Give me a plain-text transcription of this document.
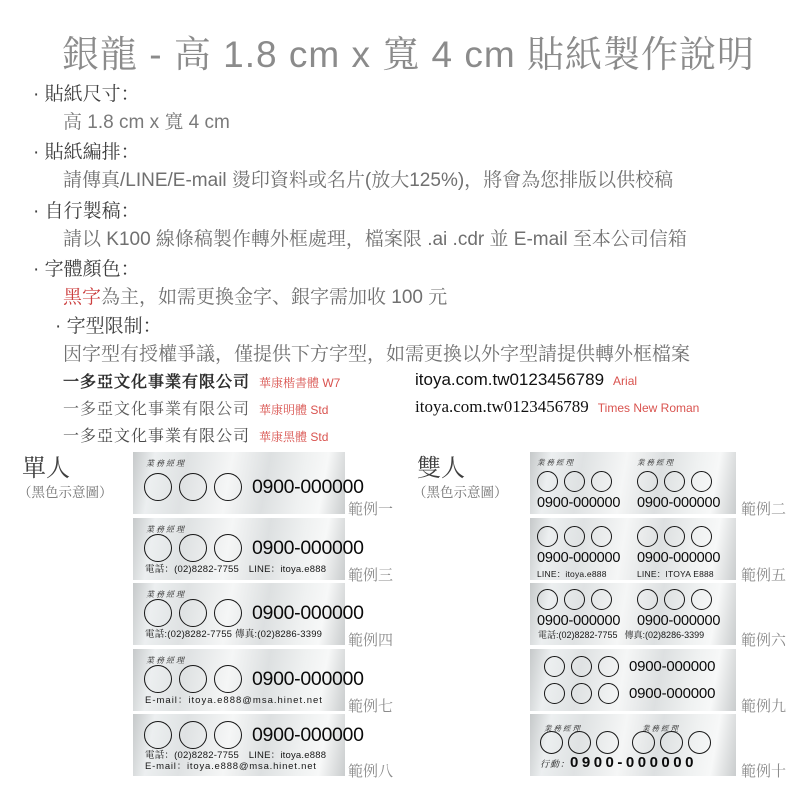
銀龍 - 高 1.8 cm x 寬 4 cm 貼紙製作說明
· 貼紙尺寸：
高 1.8 cm x 寬 4 cm
· 貼紙編排：
請傳真/LINE/E-mail 燙印資料或名片(放大125%)，將會為您排版以供校稿
· 自行製稿：
請以 K100 線條稿製作轉外框處理，檔案限 .ai .cdr 並 E-mail 至本公司信箱
· 字體顏色：
黑字為主，如需更換金字、銀字需加收 100 元
· 字型限制：
因字型有授權爭議，僅提供下方字型，如需更換以外字型請提供轉外框檔案
一多亞文化事業有限公司 華康楷書體 W7
一多亞文化事業有限公司 華康明體 Std
一多亞文化事業有限公司 華康黑體 Std
itoya.com.tw0123456789 Arial
itoya.com.tw0123456789 Times New Roman
單人
（黑色示意圖）
業務經理
0900-000000
範例一
業務經理
0900-000000
電話：(02)8282-7755　LINE：itoya.e888 範例三
業務經理
0900-000000
電話:(02)8282-7755 傳真:(02)8286-3399 範例四
業務經理
0900-000000
E-mail：itoya.e888@msa.hinet.net 範例七
0900-000000
電話：(02)8282-7755　LINE：itoya.e888
E-mail：itoya.e888@msa.hinet.net 範例八
雙人
（黑色示意圖）
業務經理
0900-000000
業務經理
0900-000000	範例二
0900-000000
LINE：itoya.e888
0900-000000
LINE：ITOYA E888	範例五
0900-000000	0900-000000
電話:(02)8282-7755 傳真:(02)8286-3399	範例六
0900-000000
0900-000000
範例九
業務經理	業務經理
行動：0900-000000
範例十
